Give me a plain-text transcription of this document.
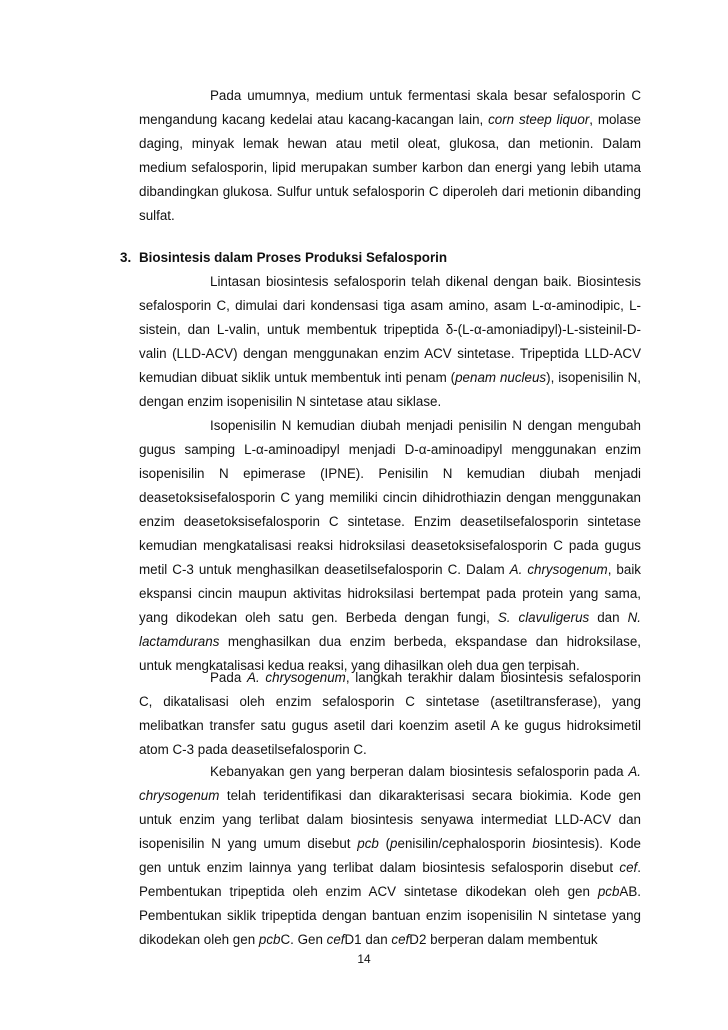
Pada umumnya, medium untuk fermentasi skala besar sefalosporin C mengandung kacang kedelai atau kacang-kacangan lain, corn steep liquor, molase daging, minyak lemak hewan atau metil oleat, glukosa, dan metionin. Dalam medium sefalosporin, lipid merupakan sumber karbon dan energi yang lebih utama dibandingkan glukosa. Sulfur untuk sefalosporin C diperoleh dari metionin dibanding sulfat.

3. Biosintesis dalam Proses Produksi Sefalosporin

Lintasan biosintesis sefalosporin telah dikenal dengan baik. Biosintesis sefalosporin C, dimulai dari kondensasi tiga asam amino, asam L-α-aminodipic, L-sistein, dan L-valin, untuk membentuk tripeptida δ-(L-α-amoniadipyl)-L-sisteinil-D-valin (LLD-ACV) dengan menggunakan enzim ACV sintetase. Tripeptida LLD-ACV kemudian dibuat siklik untuk membentuk inti penam (penam nucleus), isopenisilin N, dengan enzim isopenisilin N sintetase atau siklase.

Isopenisilin N kemudian diubah menjadi penisilin N dengan mengubah gugus samping L-α-aminoadipyl menjadi D-α-aminoadipyl menggunakan enzim isopenisilin N epimerase (IPNE). Penisilin N kemudian diubah menjadi deasetoksisefalosporin C yang memiliki cincin dihidrothiazin dengan menggunakan enzim deasetoksisefalosporin C sintetase. Enzim deasetilsefalosporin sintetase kemudian mengkatalisasi reaksi hidroksilasi deasetoksisefalosporin C pada gugus metil C-3 untuk menghasilkan deasetilsefalosporin C. Dalam A. chrysogenum, baik ekspansi cincin maupun aktivitas hidroksilasi bertempat pada protein yang sama, yang dikodekan oleh satu gen. Berbeda dengan fungi, S. clavuligerus dan N. lactamdurans menghasilkan dua enzim berbeda, ekspandase dan hidroksilase, untuk mengkatalisasi kedua reaksi, yang dihasilkan oleh dua gen terpisah.

Pada A. chrysogenum, langkah terakhir dalam biosintesis sefalosporin C, dikatalisasi oleh enzim sefalosporin C sintetase (asetiltransferase), yang melibatkan transfer satu gugus asetil dari koenzim asetil A ke gugus hidroksimetil atom C-3 pada deasetilsefalosporin C.

Kebanyakan gen yang berperan dalam biosintesis sefalosporin pada A. chrysogenum telah teridentifikasi dan dikarakterisasi secara biokimia. Kode gen untuk enzim yang terlibat dalam biosintesis senyawa intermediat LLD-ACV dan isopenisilin N yang umum disebut pcb (penisilin/cephalosporin biosintesis). Kode gen untuk enzim lainnya yang terlibat dalam biosintesis sefalosporin disebut cef. Pembentukan tripeptida oleh enzim ACV sintetase dikodekan oleh gen pcbAB. Pembentukan siklik tripeptida dengan bantuan enzim isopenisilin N sintetase yang dikodekan oleh gen pcbC. Gen cefD1 dan cefD2 berperan dalam membentuk

14
